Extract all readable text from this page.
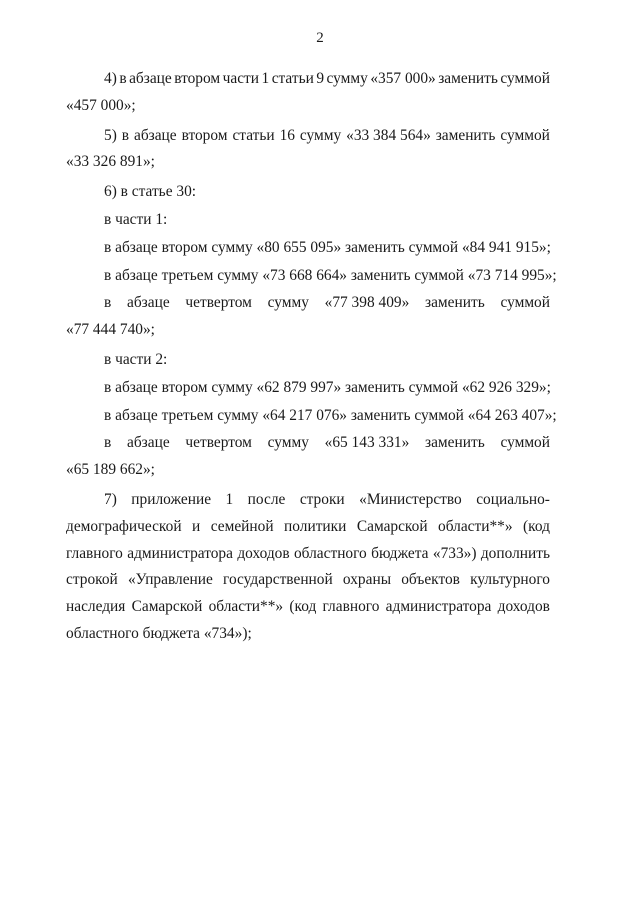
2
4) в абзаце втором части 1 статьи 9 сумму «357 000» заменить суммой
«457 000»;
5) в абзаце втором статьи 16 сумму «33 384 564» заменить суммой
«33 326 891»;
6) в статье 30:
в части 1:
в абзаце втором сумму «80 655 095» заменить суммой «84 941 915»;
в абзаце третьем сумму «73 668 664» заменить суммой «73 714 995»;
в абзаце четвертом сумму «77 398 409» заменить суммой
«77 444 740»;
в части 2:
в абзаце втором сумму «62 879 997» заменить суммой «62 926 329»;
в абзаце третьем сумму «64 217 076» заменить суммой «64 263 407»;
в абзаце четвертом сумму «65 143 331» заменить суммой
«65 189 662»;
7) приложение 1 после строки «Министерство социально-
демографической и семейной политики Самарской области**» (код
главного администратора доходов областного бюджета «733») дополнить
строкой «Управление государственной охраны объектов культурного
наследия Самарской области**» (код главного администратора доходов
областного бюджета «734»);
